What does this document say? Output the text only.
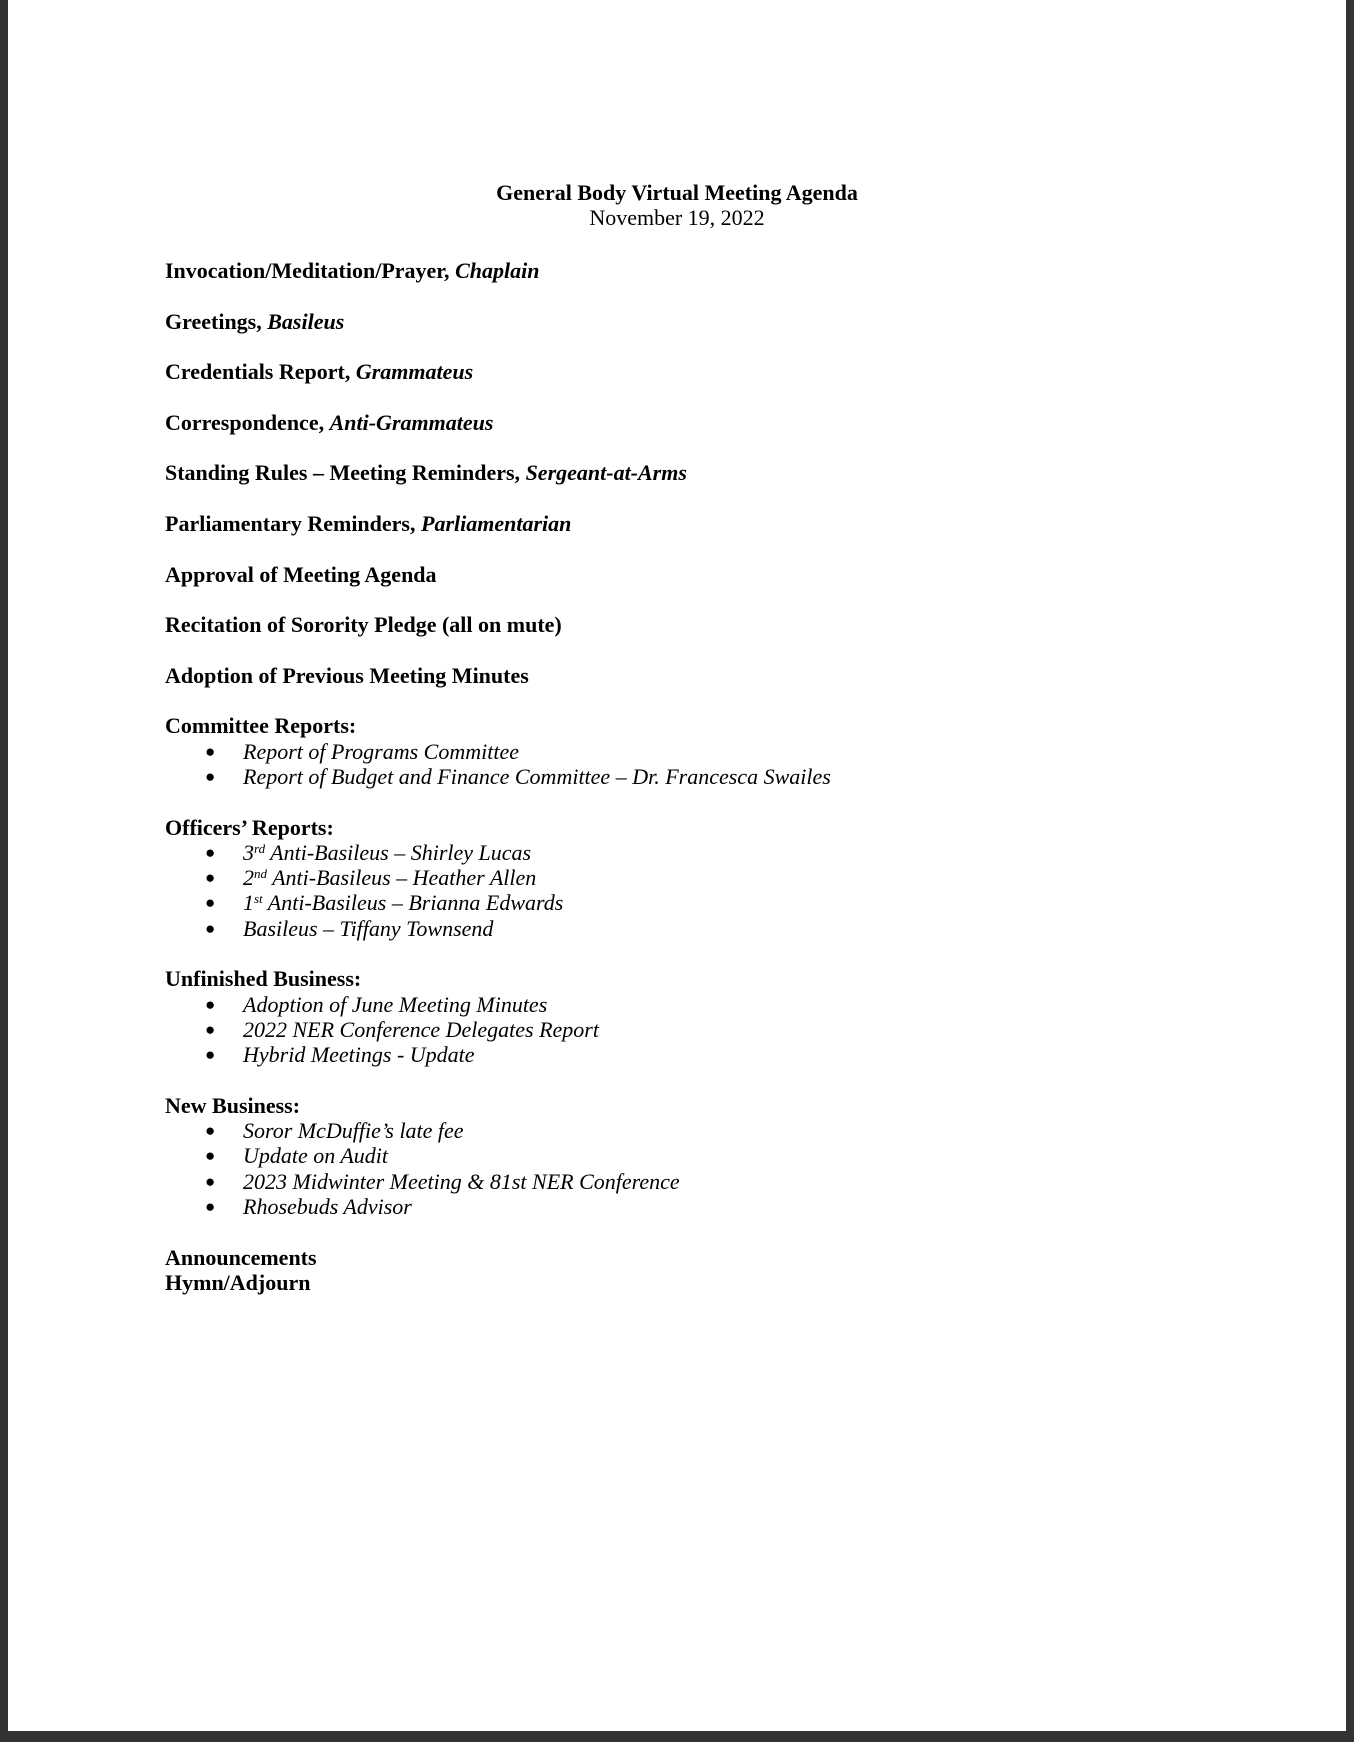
General Body Virtual Meeting Agenda
November 19, 2022

Invocation/Meditation/Prayer, Chaplain

Greetings, Basileus

Credentials Report, Grammateus

Correspondence, Anti-Grammateus

Standing Rules – Meeting Reminders, Sergeant-at-Arms

Parliamentary Reminders, Parliamentarian

Approval of Meeting Agenda

Recitation of Sorority Pledge (all on mute)

Adoption of Previous Meeting Minutes

Committee Reports:

● Report of Programs Committee
● Report of Budget and Finance Committee – Dr. Francesca Swailes

Officers’ Reports:

● 3rd Anti-Basileus – Shirley Lucas
● 2nd Anti-Basileus – Heather Allen
● 1st Anti-Basileus – Brianna Edwards
● Basileus – Tiffany Townsend

Unfinished Business:

● Adoption of June Meeting Minutes
● 2022 NER Conference Delegates Report
● Hybrid Meetings - Update

New Business:

● Soror McDuffie’s late fee
● Update on Audit
● 2023 Midwinter Meeting & 81st NER Conference
● Rhosebuds Advisor

Announcements

Hymn/Adjourn
